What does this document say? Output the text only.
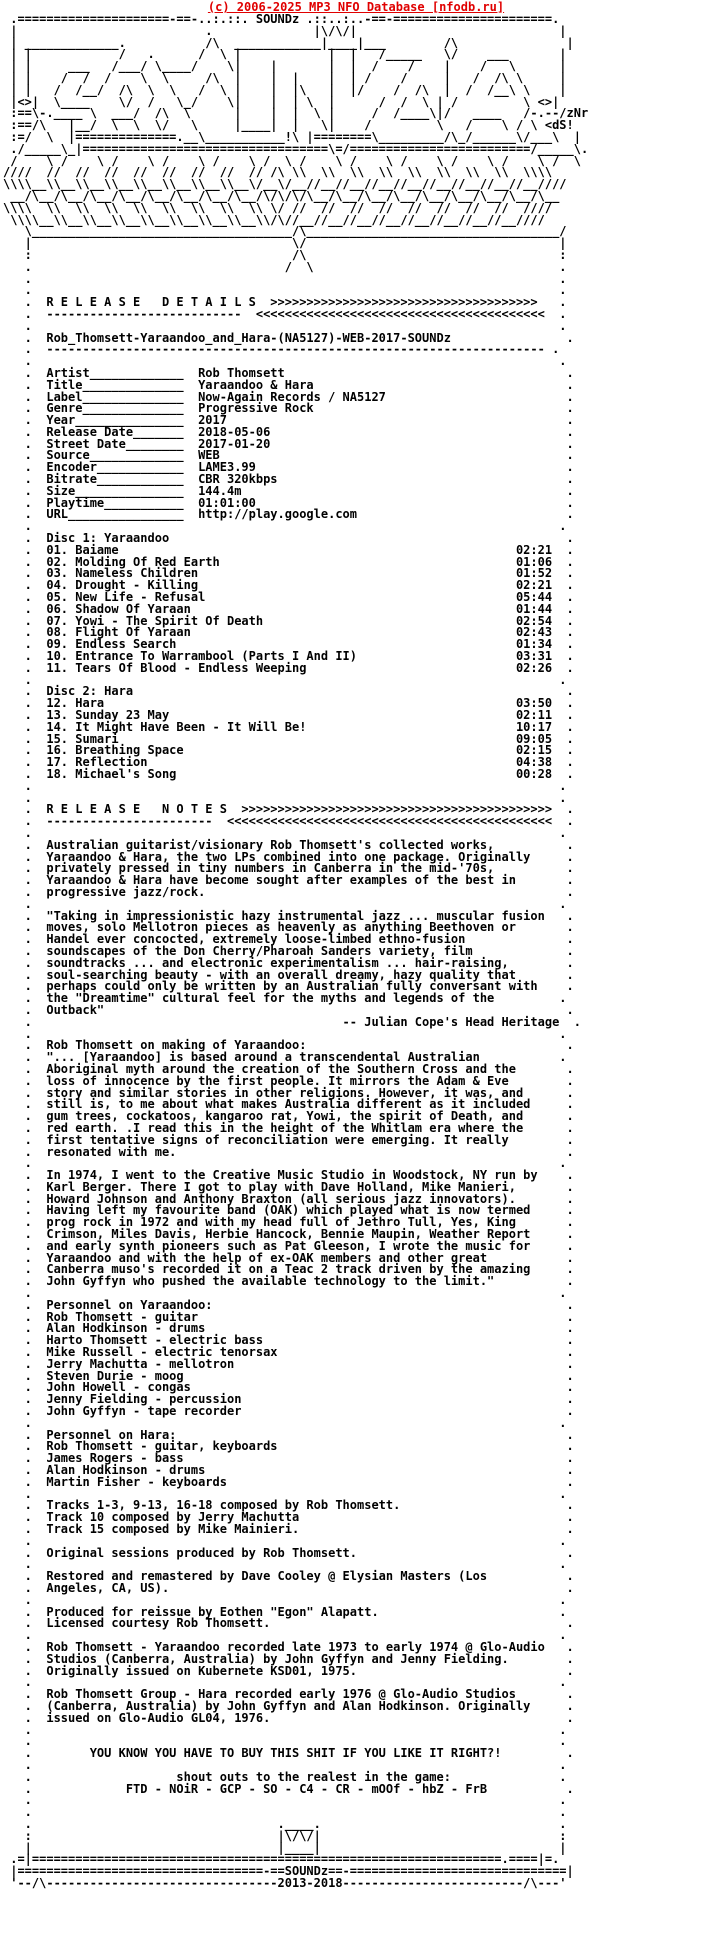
(c) 2006-2025 MP3 NFO Database [nfodb.ru]
.=====================-==-..:.::. SOUNDz .::..:..-==-======================.
|                          .              |\/\/|                            |
| _____________.           /\  ____________|____|___        /\               |
| |            /   .      /  \ |            |  |   /_____   \/    ___       |
| |     ___   /___/ \____/    \|    |       |  |  /    /    |    /   \      |
| |    /  /  /    \  \     /\  |    |  |    |  | /    /     |   /  /\ \     |
| |   /  /__/  /\  \  \   /  \ |    |  |\   |  |/    /  /\  |  /  /__\ \    |
|<>|  \____    \/  /   \_/    \|    |  | \  |      /  /  \ | /         \ <>|
:==\-.____ \  ___/  /\  \      |    |  |  \ |     /  /____\|/   ____   /-.--/zNr
:==/\   |__/  \  \  \/   \     |____|  |   \|    /         \   /    \ / \ <dS!
:=/  \  |==============.__\___________!\ |========\_________/\_/______\/___\  |
./_____\_|==================================\=/=========================/_____\.
/    \ /    \ /    \ /    \ /    \ /  \ /    \ /    \ /    \ /    \ /    \ /  \
////  //  //  //  //  //  //  //  // /\ \\  \\  \\  \\  \\  \\  \\  \\  \\\\
\\\\__\\__\\__\\__\\__\\__\\__\\__\/__\/__//__//__//__//__//__//__//__//__////
__/\__/\__/\__/\__/\__/\__/\__/\__/\/\/\/\__/\__/\__/\__/\__/\__/\__/\__/\__
\\\\  \\  \\  \\  \\  \\  \\  \\  \\ \/ //  //  //  //  //  //  //  //  ////
\\\\__\\__\\__\\__\\__\\__\\__\\__\\/\//__//__//__//__//__//__//__//__////
\____________________________________/\___________________________________/
|                                    \/                                   |
:                                    /\                                   :
.                                   /  \                                  .
.                                                                         .
.                                                                         .
.  R E L E A S E   D E T A I L S  >>>>>>>>>>>>>>>>>>>>>>>>>>>>>>>>>>>>>   .
.  ---------------------------  <<<<<<<<<<<<<<<<<<<<<<<<<<<<<<<<<<<<<<<<  .
.                                                                         .
.  Rob_Thomsett-Yaraandoo_and_Hara-(NA5127)-WEB-2017-SOUNDz                .
.  --------------------------------------------------------------------- .
.                                                                         .
.  Artist_____________  Rob Thomsett                                       .
.  Title______________  Yaraandoo & Hara                                   .
.  Label______________  Now-Again Records / NA5127                         .
.  Genre______________  Progressive Rock                                   .
.  Year_______________  2017                                               .
.  Release Date_______  2018-05-06                                         .
.  Street Date________  2017-01-20                                         .
.  Source_____________  WEB                                                .
.  Encoder____________  LAME3.99                                           .
.  Bitrate____________  CBR 320kbps                                        .
.  Size_______________  144.4m                                             .
.  Playtime___________  01:01:00                                           .
.  URL________________  http://play.google.com                             .
.                                                                         .
.  Disc 1: Yaraandoo                                                       .
.  01. Baiame                                                       02:21  .
.  02. Molding Of Red Earth                                         01:06  .
.  03. Nameless Children                                            01:52  .
.  04. Drought - Killing                                            02:21  .
.  05. New Life - Refusal                                           05:44  .
.  06. Shadow Of Yaraan                                             01:44  .
.  07. Yowi - The Spirit Of Death                                   02:54  .
.  08. Flight Of Yaraan                                             02:43  .
.  09. Endless Search                                               01:34  .
.  10. Entrance To Warrambool (Parts I And II)                      03:31  .
.  11. Tears Of Blood - Endless Weeping                             02:26  .
.                                                                         .
.  Disc 2: Hara                                                            .
.  12. Hara                                                         03:50  .
.  13. Sunday 23 May                                                02:11  .
.  14. It Might Have Been - It Will Be!                             10:17  .
.  15. Sumari                                                       09:05  .
.  16. Breathing Space                                              02:15  .
.  17. Reflection                                                   04:38  .
.  18. Michael's Song                                               00:28  .
.                                                                         .
.                                                                         .
.  R E L E A S E   N O T E S  >>>>>>>>>>>>>>>>>>>>>>>>>>>>>>>>>>>>>>>>>>>  .
.  -----------------------  <<<<<<<<<<<<<<<<<<<<<<<<<<<<<<<<<<<<<<<<<<<<<  .
.                                                                         .
.  Australian guitarist/visionary Rob Thomsett's collected works,          .
.  Yaraandoo & Hara, the two LPs combined into one package. Originally     .
.  privately pressed in tiny numbers in Canberra in the mid-'70s,          .
.  Yaraandoo & Hara have become sought after examples of the best in       .
.  progressive jazz/rock.                                                  .
.                                                                         .
.  "Taking in impressionistic hazy instrumental jazz ... muscular fusion   .
.  moves, solo Mellotron pieces as heavenly as anything Beethoven or       .
.  Handel ever concocted, extremely loose-limbed ethno-fusion              .
.  soundscapes of the Don Cherry/Pharoah Sanders variety, film             .
.  soundtracks ... and electronic experimentalism ... hair-raising,        .
.  soul-searching beauty - with an overall dreamy, hazy quality that       .
.  perhaps could only be written by an Australian fully conversant with    .
.  the "Dreamtime" cultural feel for the myths and legends of the         .
.  Outback"                                                                .
.                                           -- Julian Cope's Head Heritage  .
.                                                                         .
.  Rob Thomsett on making of Yaraandoo:                                    .
.  "... [Yaraandoo] is based around a transcendental Australian           .
.  Aboriginal myth around the creation of the Southern Cross and the       .
.  loss of innocence by the first people. It mirrors the Adam & Eve        .
.  story and similar stories in other religions. However, it was, and      .
.  still is, to me about what makes Australia different as it included     .
.  gum trees, cockatoos, kangaroo rat, Yowi, the spirit of Death, and      .
.  red earth. .I read this in the height of the Whitlam era where the      .
.  first tentative signs of reconciliation were emerging. It really        .
.  resonated with me.                                                      .
.                                                                         .
.  In 1974, I went to the Creative Music Studio in Woodstock, NY run by    .
.  Karl Berger. There I got to play with Dave Holland, Mike Manieri,       .
.  Howard Johnson and Anthony Braxton (all serious jazz innovators).       .
.  Having left my favourite band (OAK) which played what is now termed     .
.  prog rock in 1972 and with my head full of Jethro Tull, Yes, King       .
.  Crimson, Miles Davis, Herbie Hancock, Bennie Maupin, Weather Report     .
.  and early synth pioneers such as Pat Gleeson, I wrote the music for     .
.  Yaraandoo and with the help of ex-OAK members and other great           .
.  Canberra muso's recorded it on a Teac 2 track driven by the amazing     .
.  John Gyffyn who pushed the available technology to the limit."          .
.                                                                         .
.  Personnel on Yaraandoo:                                                 .
.  Rob Thomsett - guitar                                                   .
.  Alan Hodkinson - drums                                                  .
.  Harto Thomsett - electric bass                                          .
.  Mike Russell - electric tenorsax                                        .
.  Jerry Machutta - mellotron                                              .
.  Steven Durie - moog                                                     .
.  John Howell - congas                                                    .
.  Jenny Fielding - percussion                                             .
.  John Gyffyn - tape recorder                                             .
.                                                                         .
.  Personnel on Hara:                                                      .
.  Rob Thomsett - guitar, keyboards                                        .
.  James Rogers - bass                                                     .
.  Alan Hodkinson - drums                                                  .
.  Martin Fisher - keyboards                                               .
.                                                                         .
.  Tracks 1-3, 9-13, 16-18 composed by Rob Thomsett.                       .
.  Track 10 composed by Jerry Machutta                                     .
.  Track 15 composed by Mike Mainieri.                                     .
.                                                                         .
.  Original sessions produced by Rob Thomsett.                             .
.                                                                         .
.  Restored and remastered by Dave Cooley @ Elysian Masters (Los           .
.  Angeles, CA, US).                                                       .
.                                                                         .
.  Produced for reissue by Eothen "Egon" Alapatt.                         .
.  Licensed courtesy Rob Thomsett.                                         .
.                                                                         .
.  Rob Thomsett - Yaraandoo recorded late 1973 to early 1974 @ Glo-Audio   .
.  Studios (Canberra, Australia) by John Gyffyn and Jenny Fielding.        .
.  Originally issued on Kubernete KSD01, 1975.                             .
.                                                                         .
.  Rob Thomsett Group - Hara recorded early 1976 @ Glo-Audio Studios       .
.  (Canberra, Australia) by John Gyffyn and Alan Hodkinson. Originally     .
.  issued on Glo-Audio GL04, 1976.                                         .
.                                                                         .
.                                                                         .
.        YOU KNOW YOU HAVE TO BUY THIS SHIT IF YOU LIKE IT RIGHT?!         .
.                                                                         .
.                    shout outs to the realest in the game:               .
.             FTD - NOiR - GCP - SO - C4 - CR - mOOf - hbZ - FrB           .
.                                                                         .
.                                                                         .
.                                  .____.                                 .
:                                  |\/\/|                                 :
|                                  |____|                                 |
.=|=================================================================.====|=.
|==================================-==SOUNDz==-==============================|
'--/\--------------------------------2013-2018-------------------------/\---'
